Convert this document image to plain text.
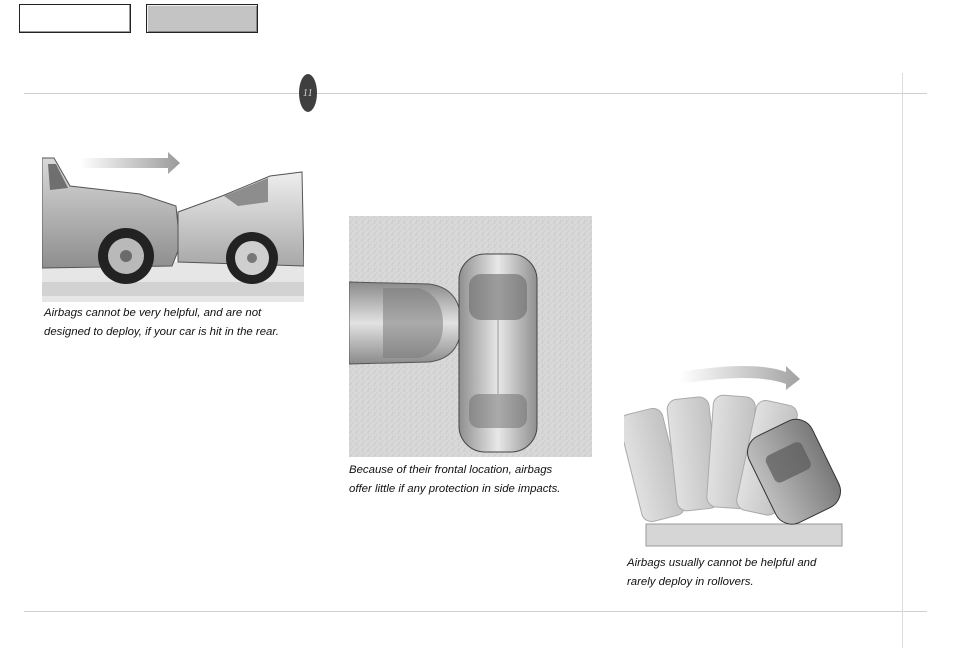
11
Airbags cannot be very helpful, and are not
designed to deploy, if your car is hit in the rear.
Because of their frontal location, airbags
offer little if any protection in side impacts.
Airbags usually cannot be helpful and
rarely deploy in rollovers.
